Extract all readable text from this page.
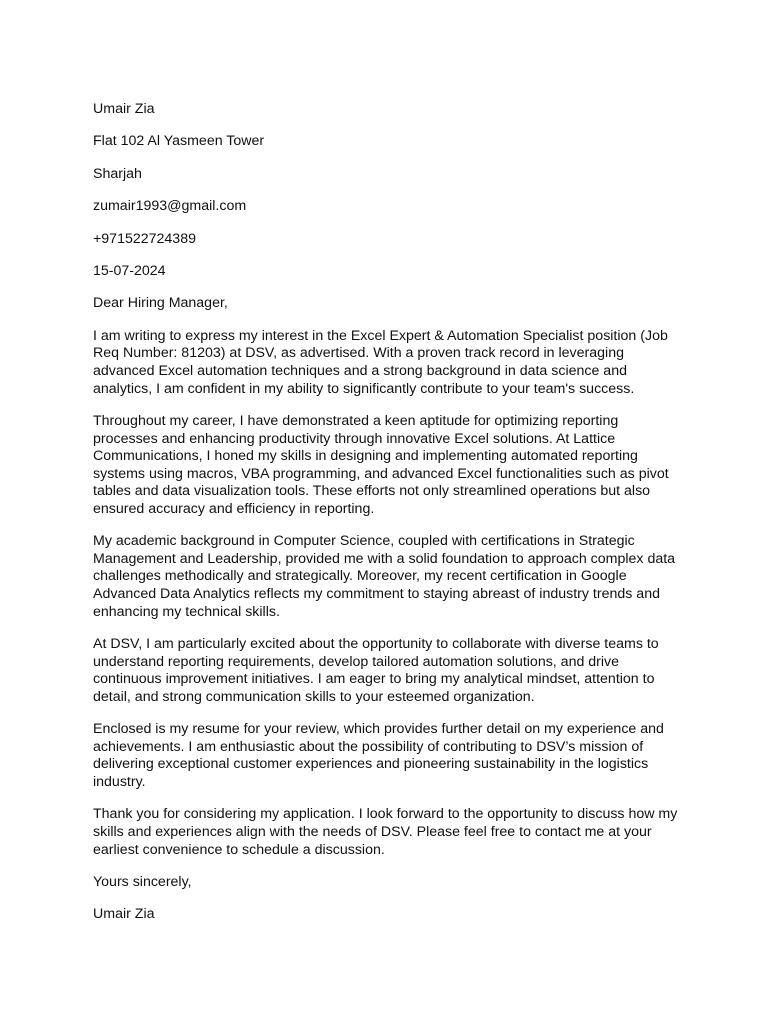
Umair Zia
Flat 102 Al Yasmeen Tower
Sharjah
zumair1993@gmail.com
+971522724389
15-07-2024
Dear Hiring Manager,
I am writing to express my interest in the Excel Expert & Automation Specialist position (Job Req Number: 81203) at DSV, as advertised. With a proven track record in leveraging advanced Excel automation techniques and a strong background in data science and analytics, I am confident in my ability to significantly contribute to your team's success.
Throughout my career, I have demonstrated a keen aptitude for optimizing reporting processes and enhancing productivity through innovative Excel solutions. At Lattice Communications, I honed my skills in designing and implementing automated reporting systems using macros, VBA programming, and advanced Excel functionalities such as pivot tables and data visualization tools. These efforts not only streamlined operations but also ensured accuracy and efficiency in reporting.
My academic background in Computer Science, coupled with certifications in Strategic Management and Leadership, provided me with a solid foundation to approach complex data challenges methodically and strategically. Moreover, my recent certification in Google Advanced Data Analytics reflects my commitment to staying abreast of industry trends and enhancing my technical skills.
At DSV, I am particularly excited about the opportunity to collaborate with diverse teams to understand reporting requirements, develop tailored automation solutions, and drive continuous improvement initiatives. I am eager to bring my analytical mindset, attention to detail, and strong communication skills to your esteemed organization.
Enclosed is my resume for your review, which provides further detail on my experience and achievements. I am enthusiastic about the possibility of contributing to DSV’s mission of delivering exceptional customer experiences and pioneering sustainability in the logistics industry.
Thank you for considering my application. I look forward to the opportunity to discuss how my skills and experiences align with the needs of DSV. Please feel free to contact me at your earliest convenience to schedule a discussion.
Yours sincerely,
Umair Zia
